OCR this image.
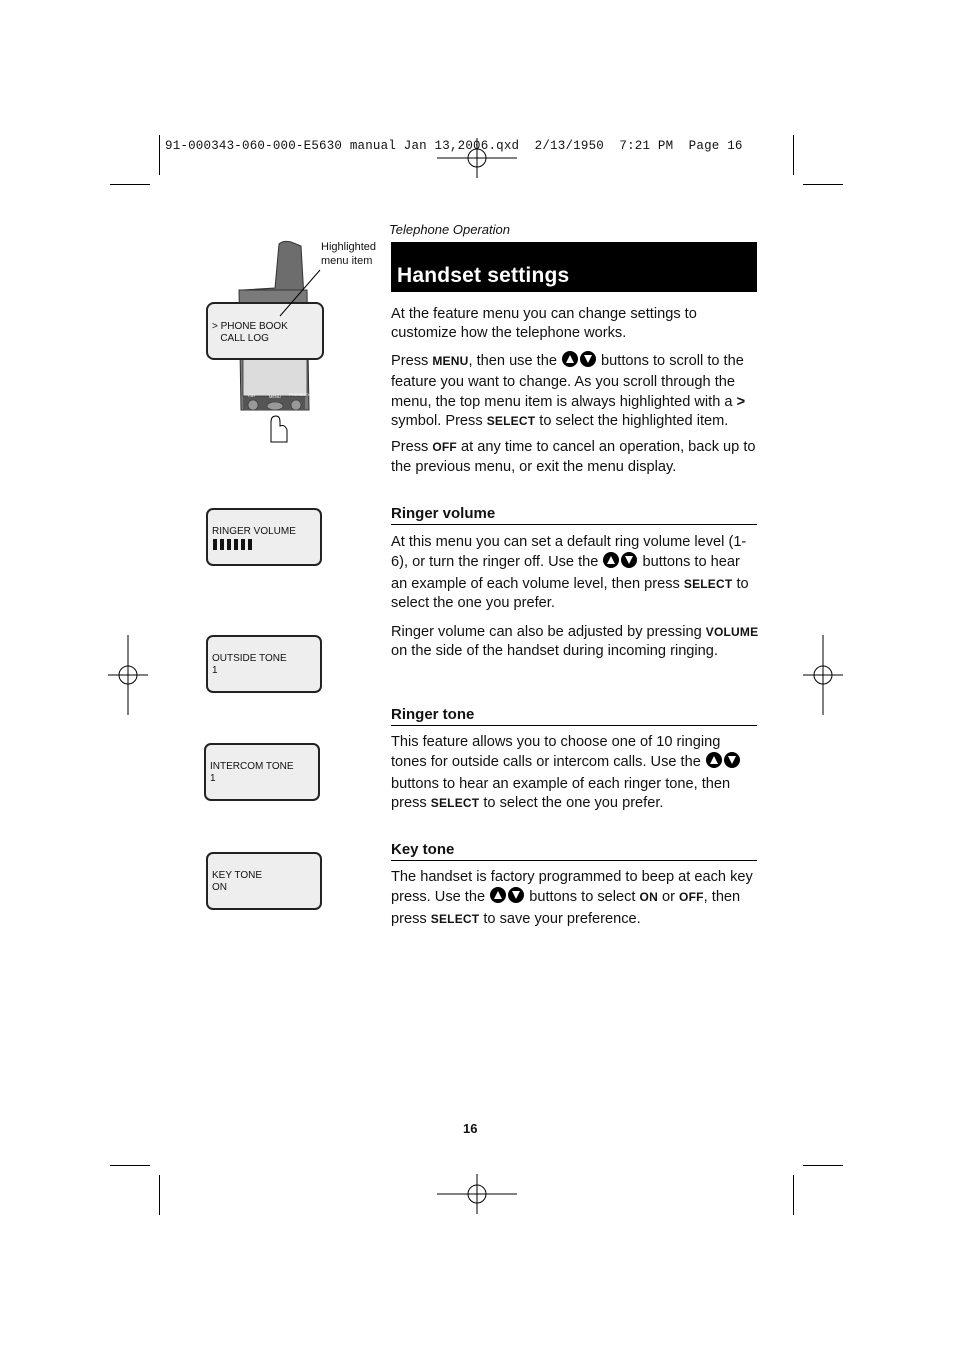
91-000343-060-000-E5630 manual Jan 13,2006.qxd  2/13/1950  7:21 PM  Page 16
CID	MENU PHONEBOOK
> PHONE BOOK
CALL LOG
Highlighted
menu item
RINGER VOLUME
OUTSIDE TONE
1
INTERCOM TONE
1
KEY TONE
ON
Telephone Operation
Handset settings

At the feature menu you can change settings to customize how the telephone works.

Press MENU, then use the  buttons to scroll to the feature you want to change. As you scroll through the menu, the top menu item is always highlighted with a > symbol. Press SELECT to select the highlighted item.

Press OFF at any time to cancel an operation, back up to the previous menu, or exit the menu display.

Ringer volume

At this menu you can set a default ring volume level (1-6), or turn the ringer off. Use the  buttons to hear an example of each volume level, then press SELECT to select the one you prefer.

Ringer volume can also be adjusted by pressing VOLUME on the side of the handset during incoming ringing.

Ringer tone

This feature allows you to choose one of 10 ringing tones for outside calls or intercom calls. Use the  buttons to hear an example of each ringer tone, then press SELECT to select the one you prefer.

Key tone

The handset is factory programmed to beep at each key press. Use the  buttons to select ON or OFF, then press SELECT to save your preference.

16
